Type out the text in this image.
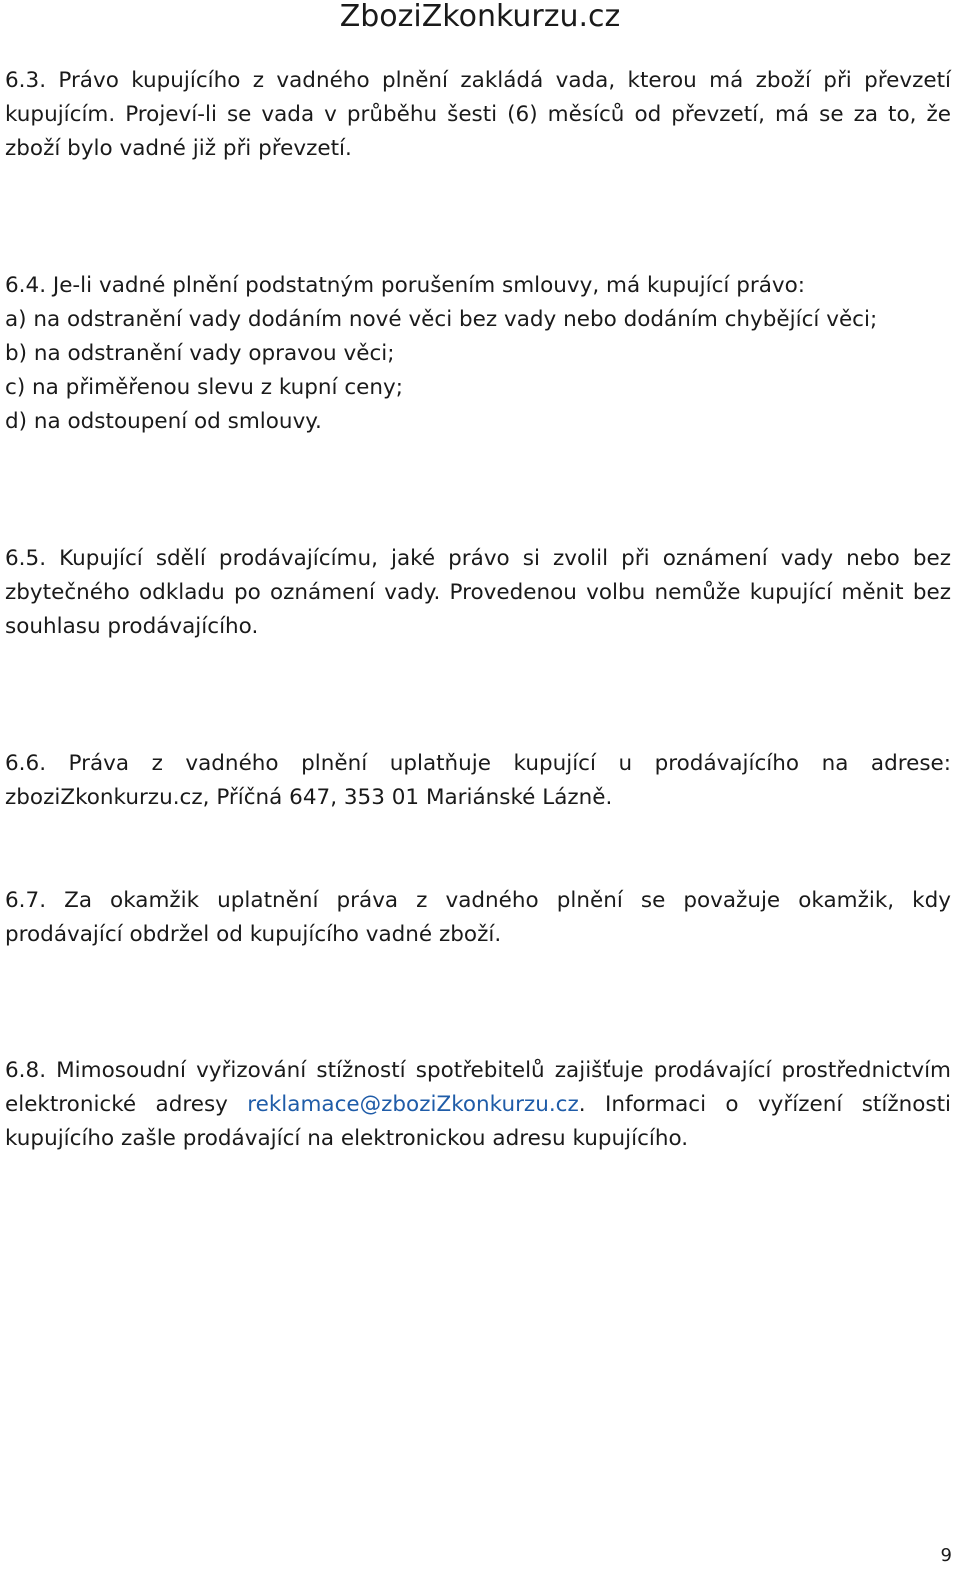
ZboziZkonkurzu.cz

6.3. Právo kupujícího z vadného plnění zakládá vada, kterou má zboží při převzetí kupujícím. Projeví-li se vada v průběhu šesti (6) měsíců od převzetí, má se za to, že zboží bylo vadné již při převzetí.

6.4. Je-li vadné plnění podstatným porušením smlouvy, má kupující právo:
a) na odstranění vady dodáním nové věci bez vady nebo dodáním chybějící věci;
b) na odstranění vady opravou věci;
c) na přiměřenou slevu z kupní ceny;
d) na odstoupení od smlouvy.

6.5. Kupující sdělí prodávajícímu, jaké právo si zvolil při oznámení vady nebo bez zbytečného odkladu po oznámení vady. Provedenou volbu nemůže kupující měnit bez souhlasu prodávajícího.

6.6. Práva z vadného plnění uplatňuje kupující u prodávajícího na adrese: zboziZkonkurzu.cz, Příčná 647, 353 01 Mariánské Lázně.

6.7. Za okamžik uplatnění práva z vadného plnění se považuje okamžik, kdy prodávající obdržel od kupujícího vadné zboží.

6.8. Mimosoudní vyřizování stížností spotřebitelů zajišťuje prodávající prostřednictvím elektronické adresy reklamace@zboziZkonkurzu.cz. Informaci o vyřízení stížnosti kupujícího zašle prodávající na elektronickou adresu kupujícího.

9
